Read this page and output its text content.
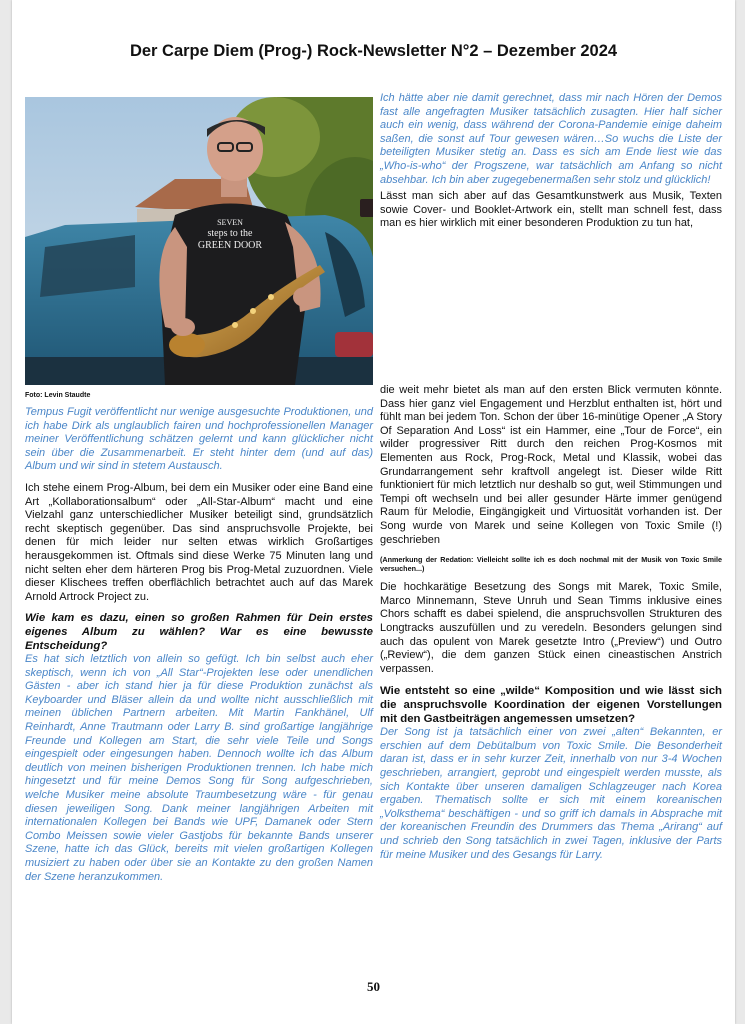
Der Carpe Diem (Prog-) Rock-Newsletter N°2 – Dezember 2024
SEVEN
steps to the
GREEN DOOR
Foto: Levin Staudte

Tempus Fugit veröffentlicht nur wenige ausgesuchte Produktionen, und ich habe Dirk als unglaublich fairen und hochprofessionellen Manager meiner Veröffentlichung schätzen gelernt und kann glücklicher nicht sein über die Zusammenarbeit. Er steht hinter dem (und auf das) Album und wir sind in stetem Austausch.

Ich stehe einem Prog-Album, bei dem ein Musiker oder eine Band eine Art „Kollaborationsalbum“ oder „All-Star-Album“ macht und eine Vielzahl ganz unterschiedlicher Musiker beteiligt sind, grundsätzlich recht skeptisch gegenüber. Das sind anspruchsvolle Projekte, bei denen für mich leider nur selten etwas wirklich Großartiges herausgekommen ist. Oftmals sind diese Werke 75 Minuten lang und nicht selten eher dem härteren Prog bis Prog-Metal zuzuordnen. Viele dieser Klischees treffen oberflächlich betrachtet auch auf das Marek Arnold Artrock Project zu.

Wie kam es dazu, einen so großen Rahmen für Dein erstes eigenes Album zu wählen? War es eine bewusste Entscheidung?

Es hat sich letztlich von allein so gefügt. Ich bin selbst auch eher skeptisch, wenn ich von „All Star“-Projekten lese oder unendlichen Gästen - aber ich stand hier ja für diese Produktion zunächst als Keyboarder und Bläser allein da und wollte nicht ausschließlich mit meinen üblichen Partnern arbeiten. Mit Martin Fankhänel, Ulf Reinhardt, Anne Trautmann oder Larry B. sind großartige langjährige Freunde und Kollegen am Start, die sehr viele Teile und Songs eingespielt oder eingesungen haben. Dennoch wollte ich das Album deutlich von meinen bisherigen Produktionen trennen. Ich habe mich hingesetzt und für meine Demos Song für Song aufgeschrieben, welche Musiker meine absolute Traumbesetzung wäre - für genau diesen jeweiligen Song. Dank meiner langjährigen Arbeiten mit internationalen Kollegen bei Bands wie UPF, Damanek oder Stern Combo Meissen sowie vieler Gastjobs für bekannte Bands unserer Szene, hatte ich das Glück, bereits mit vielen großartigen Kollegen musiziert zu haben oder über sie an Kontakte zu den großen Namen der Szene heranzukommen.

Ich hätte aber nie damit gerechnet, dass mir nach Hören der Demos fast alle angefragten Musiker tatsächlich zusagten. Hier half sicher auch ein wenig, dass während der Corona-Pandemie einige daheim saßen, die sonst auf Tour gewesen wären…So wuchs die Liste der beteiligten Musiker stetig an. Dass es sich am Ende liest wie das „Who-is-who“ der Progszene, war tatsächlich am Anfang so nicht absehbar. Ich bin aber zugegebenermaßen sehr stolz und glücklich!

Lässt man sich aber auf das Gesamtkunstwerk aus Musik, Texten sowie Cover- und Booklet-Artwork ein, stellt man schnell fest, dass man es hier wirklich mit einer besonderen Produktion zu tun hat,

die weit mehr bietet als man auf den ersten Blick vermuten könnte. Dass hier ganz viel Engagement und Herzblut enthalten ist, hört und fühlt man bei jedem Ton. Schon der über 16-minütige Opener „A Story Of Separation And Loss“ ist ein Hammer, eine „Tour de Force“, ein wilder progressiver Ritt durch den reichen Prog-Kosmos mit Elementen aus Rock, Prog-Rock, Metal und Klassik, wobei das Grundarrangement sehr kraftvoll angelegt ist. Dieser wilde Ritt funktioniert für mich letztlich nur deshalb so gut, weil Stimmungen und Tempi oft wechseln und bei aller gesunder Härte immer genügend Raum für Melodie, Eingängigkeit und Virtuosität vorhanden ist. Der Song wurde von Marek und seine Kollegen von Toxic Smile (!) geschrieben

(Anmerkung der Redation: Vielleicht sollte ich es doch nochmal mit der Musik von Toxic Smile versuchen...)

Die hochkarätige Besetzung des Songs mit Marek, Toxic Smile, Marco Minnemann, Steve Unruh und Sean Timms inklusive eines Chors schafft es dabei spielend, die anspruchsvollen Strukturen des Longtracks auszufüllen und zu veredeln. Besonders gelungen sind auch das opulent von Marek gesetzte Intro („Preview“) und Outro („Review“), die dem ganzen Stück einen cineastischen Anstrich verpassen.

Wie entsteht so eine „wilde“ Komposition und wie lässt sich die anspruchsvolle Koordination der eigenen Vorstellungen mit den Gastbeiträgen angemessen umsetzen?

Der Song ist ja tatsächlich einer von zwei „alten“ Bekannten, er erschien auf dem Debütalbum von Toxic Smile. Die Besonderheit daran ist, dass er in sehr kurzer Zeit, innerhalb von nur 3-4 Wochen geschrieben, arrangiert, geprobt und eingespielt werden musste, als sich Kontakte über unseren damaligen Schlagzeuger nach Korea ergaben. Thematisch sollte er sich mit einem koreanischen „Volksthema“ beschäftigen - und so griff ich damals in Absprache mit der koreanischen Freundin des Drummers das Thema „Arirang“ auf und schrieb den Song tatsächlich in zwei Tagen, inklusive der Parts für meine Musiker und des Gesangs für Larry.

50
